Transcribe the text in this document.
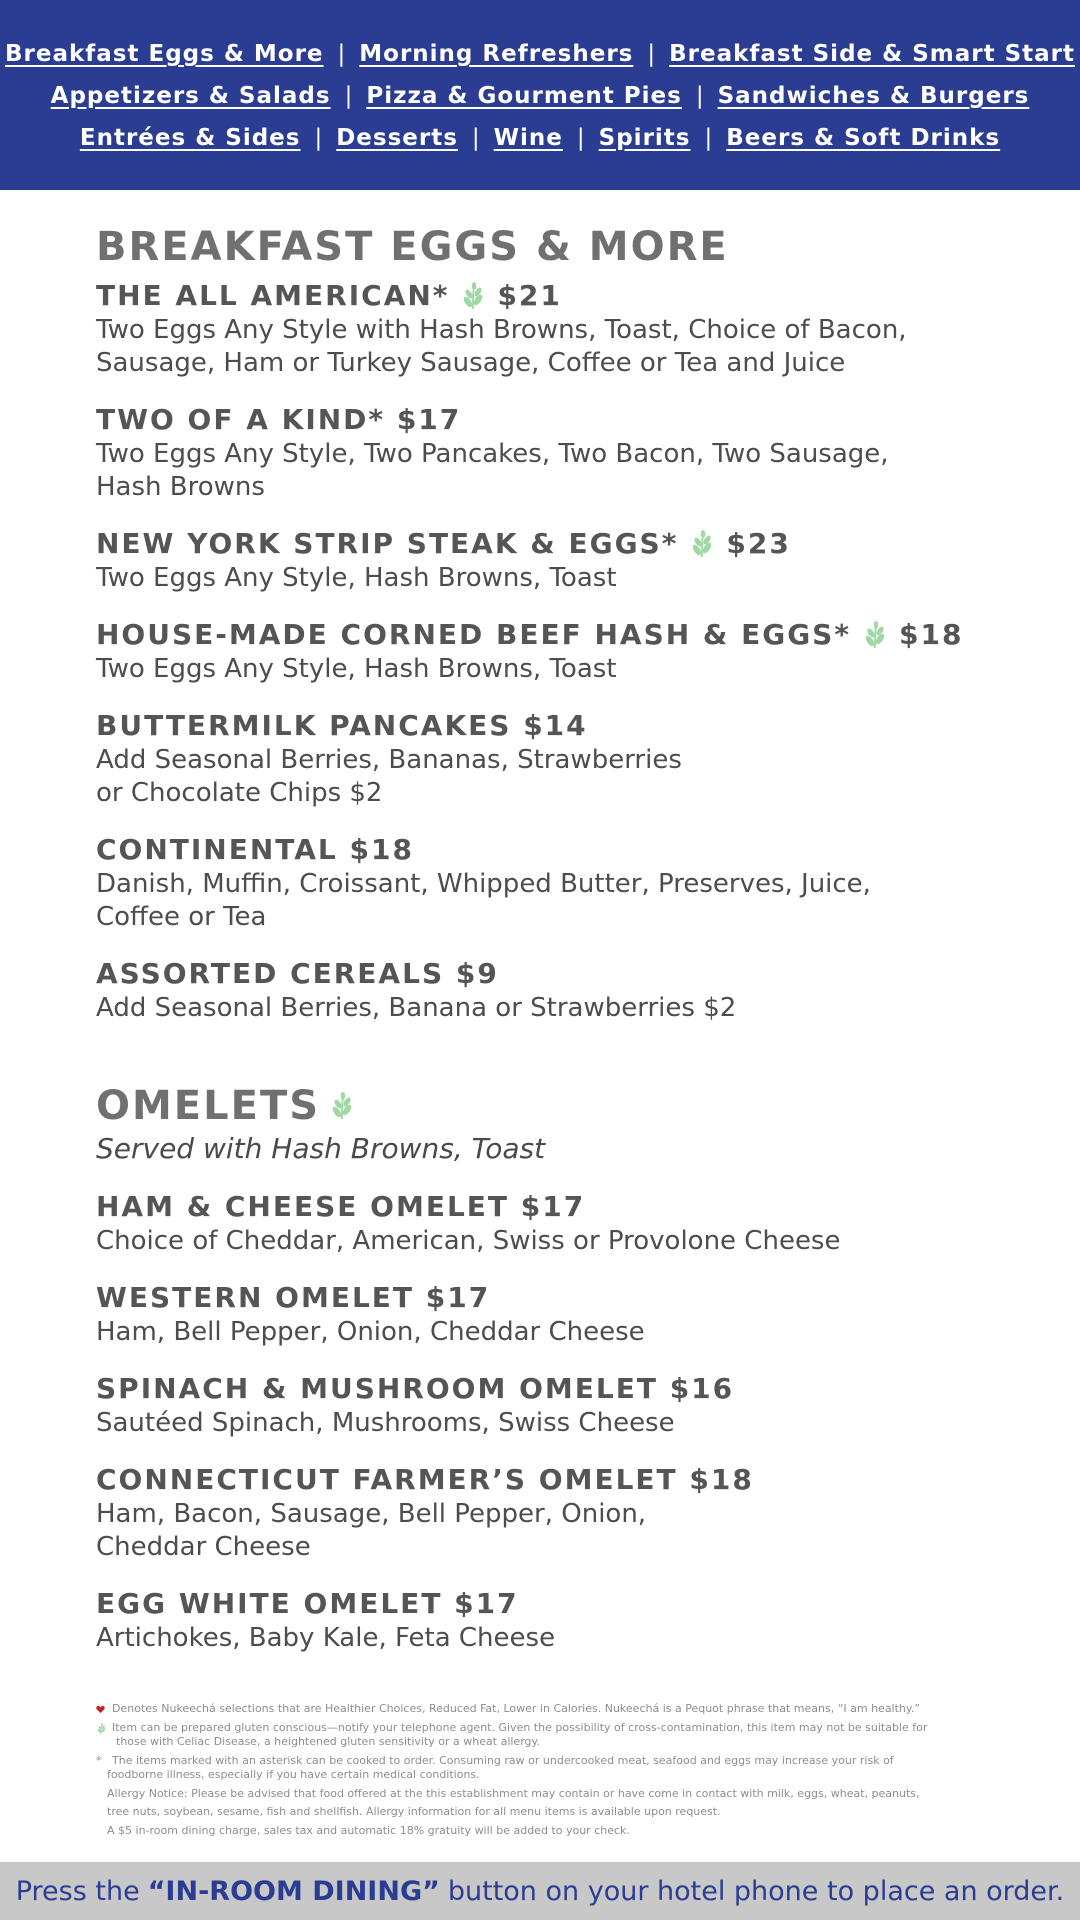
Breakfast Eggs & More | Morning Refreshers | Breakfast Side & Smart Start
Appetizers & Salads | Pizza & Gourment Pies | Sandwiches & Burgers
Entrées & Sides | Desserts | Wine | Spirits | Beers & Soft Drinks
BREAKFAST EGGS & MORE
THE ALL AMERICAN* $21

Two Eggs Any Style with Hash Browns, Toast, Choice of Bacon,

Sausage, Ham or Turkey Sausage, Coffee or Tea and Juice

TWO OF A KIND*
$17

Two Eggs Any Style, Two Pancakes, Two Bacon, Two Sausage,

Hash Browns

NEW YORK STRIP STEAK & EGGS* $23

Two Eggs Any Style, Hash Browns, Toast

HOUSE-MADE CORNED BEEF HASH & EGGS* $18

Two Eggs Any Style, Hash Browns, Toast

BUTTERMILK PANCAKES
$14

Add Seasonal Berries, Bananas, Strawberries

or Chocolate Chips $2

CONTINENTAL
$18

Danish, Muffin, Croissant, Whipped Butter, Preserves, Juice,

Coffee or Tea

ASSORTED CEREALS
$9

Add Seasonal Berries, Banana or Strawberries $2

OMELETS

Served with Hash Browns, Toast

HAM & CHEESE OMELET
$17

Choice of Cheddar, American, Swiss or Provolone Cheese

WESTERN OMELET
$17

Ham, Bell Pepper, Onion, Cheddar Cheese

SPINACH & MUSHROOM OMELET
$16

Sautéed Spinach, Mushrooms, Swiss Cheese

CONNECTICUT FARMER’S OMELET
$18

Ham, Bacon, Sausage, Bell Pepper, Onion,

Cheddar Cheese

EGG WHITE OMELET
$17

Artichokes, Baby Kale, Feta Cheese

Denotes Nukeechá selections that are Healthier Choices, Reduced Fat, Lower in Calories. Nukeechá is a Pequot phrase that means, “I am healthy.”
Item can be prepared gluten conscious—notify your telephone agent. Given the possibility of cross-contamination, this item may not be suitable for
those with Celiac Disease, a heightened gluten sensitivity or a wheat allergy.
* The items marked with an asterisk can be cooked to order. Consuming raw or undercooked meat, seafood and eggs may increase your risk of
foodborne illness, especially if you have certain medical conditions.
Allergy Notice: Please be advised that food offered at the this establishment may contain or have come in contact with milk, eggs, wheat, peanuts,
tree nuts, soybean, sesame, fish and shellfish. Allergy information for all menu items is available upon request.
A $5 in-room dining charge, sales tax and automatic 18% gratuity will be added to your check.
Press the “IN-ROOM DINING” button on your hotel phone to place an order.
